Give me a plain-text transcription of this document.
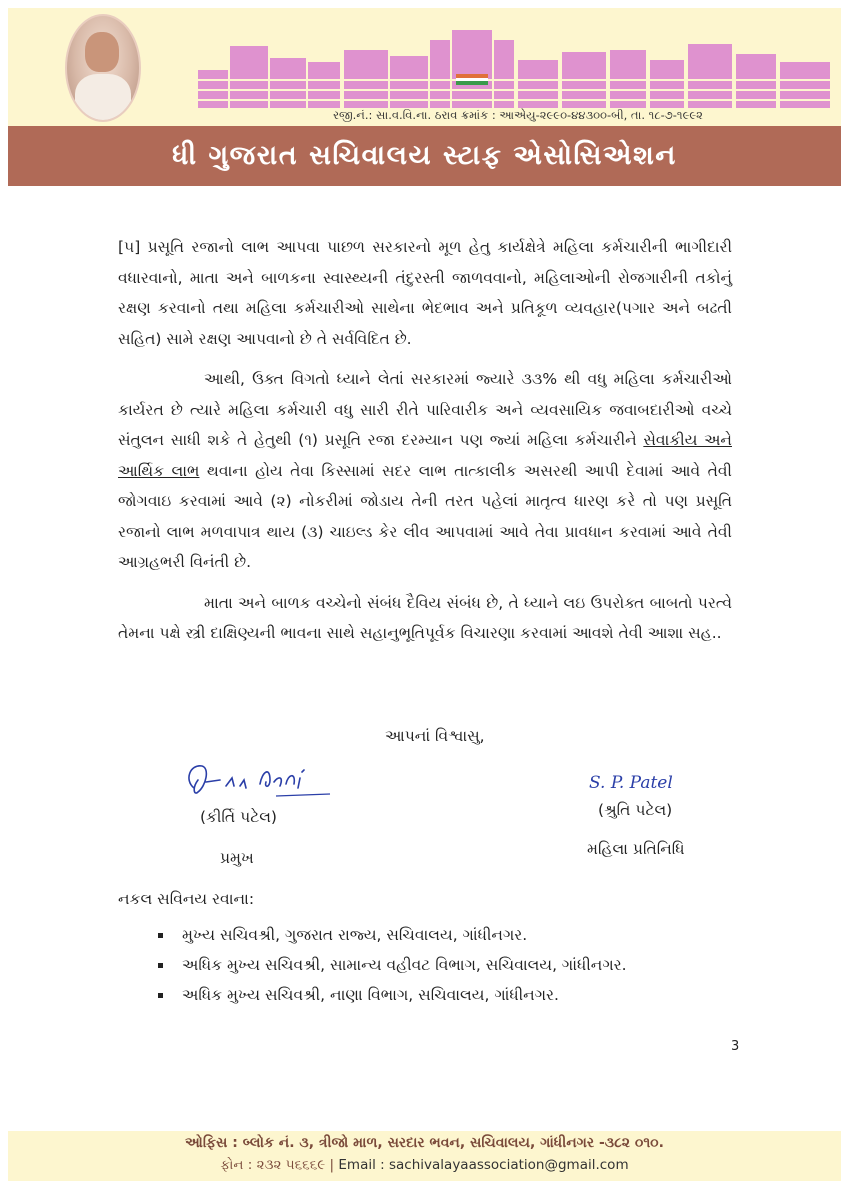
રજી.નં.: સા.વ.વિ.ના. ઠરાવ ક્રમાંક : આએયુ-૨૯૯૦-૪૪૩૦૦-બી, તા. ૧૮-૭-૧૯૯૨
ધી ગુજરાત સચિવાલય સ્ટાફ એસોસિએશન

[૫] પ્રસૂતિ રજાનો લાભ આપવા પાછળ સરકારનો મૂળ હેતુ કાર્યક્ષેત્રે મહિલા કર્મચારીની ભાગીદારી વધારવાનો, માતા અને બાળકના સ્વાસ્થ્યની તંદુરસ્તી જાળવવાનો, મહિલાઓની રોજગારીની તકોનું રક્ષણ કરવાનો તથા મહિલા કર્મચારીઓ સાથેના ભેદભાવ અને પ્રતિકૂળ વ્યવહાર(પગાર અને બઢતી સહિત) સામે રક્ષણ આપવાનો છે તે સર્વવિદિત છે.

આથી, ઉક્ત વિગતો ધ્યાને લેતાં સરકારમાં જ્યારે ૩૩% થી વધુ મહિલા કર્મચારીઓ કાર્યરત છે ત્યારે મહિલા કર્મચારી વધુ સારી રીતે પારિવારીક અને વ્યવસાયિક જવાબદારીઓ વચ્ચે સંતુલન સાધી શકે તે હેતુથી (૧) પ્રસૂતિ રજા દરમ્યાન પણ જ્યાં મહિલા કર્મચારીને સેવાકીય અને આર્થિક લાભ થવાના હોય તેવા કિસ્સામાં સદર લાભ તાત્કાલીક અસરથી આપી દેવામાં આવે તેવી જોગવાઇ કરવામાં આવે (૨) નોકરીમાં જોડાય તેની તરત પહેલાં માતૃત્વ ધારણ કરે તો પણ પ્રસૂતિ રજાનો લાભ મળવાપાત્ર થાય (૩) ચાઇલ્ડ કેર લીવ આપવામાં આવે તેવા પ્રાવધાન કરવામાં આવે તેવી આગ્રહભરી વિનંતી છે.

માતા અને બાળક વચ્ચેનો સંબંધ દૈવિય સંબંધ છે, તે ધ્યાને લઇ ઉપરોક્ત બાબતો પરત્વે તેમના પક્ષે સ્ત્રી દાક્ષિણ્યની ભાવના સાથે સહાનુભૂતિપૂર્વક વિચારણા કરવામાં આવશે તેવી આશા સહ..

આપનાં વિશ્વાસુ,
S. P. Patel
(કીર્તિ પટેલ)	(શ્રુતિ પટેલ)
પ્રમુખ	મહિલા પ્રતિનિધિ
નકલ સવિનય રવાના:
મુખ્ય સચિવશ્રી, ગુજરાત રાજ્ય, સચિવાલય, ગાંધીનગર.
અધિક મુખ્ય સચિવશ્રી, સામાન્ય વહીવટ વિભાગ, સચિવાલય, ગાંધીનગર.
અધિક મુખ્ય સચિવશ્રી, નાણા વિભાગ, સચિવાલય, ગાંધીનગર.
3
ઓફિસ : બ્લોક નં. ૩, ત્રીજો માળ, સરદાર ભવન, સચિવાલય, ગાંધીનગર -૩૮૨ ૦૧૦.
ફોન : ૨૩૨ ૫૬૬૬૯ | Email : sachivalayaassociation@gmail.com
